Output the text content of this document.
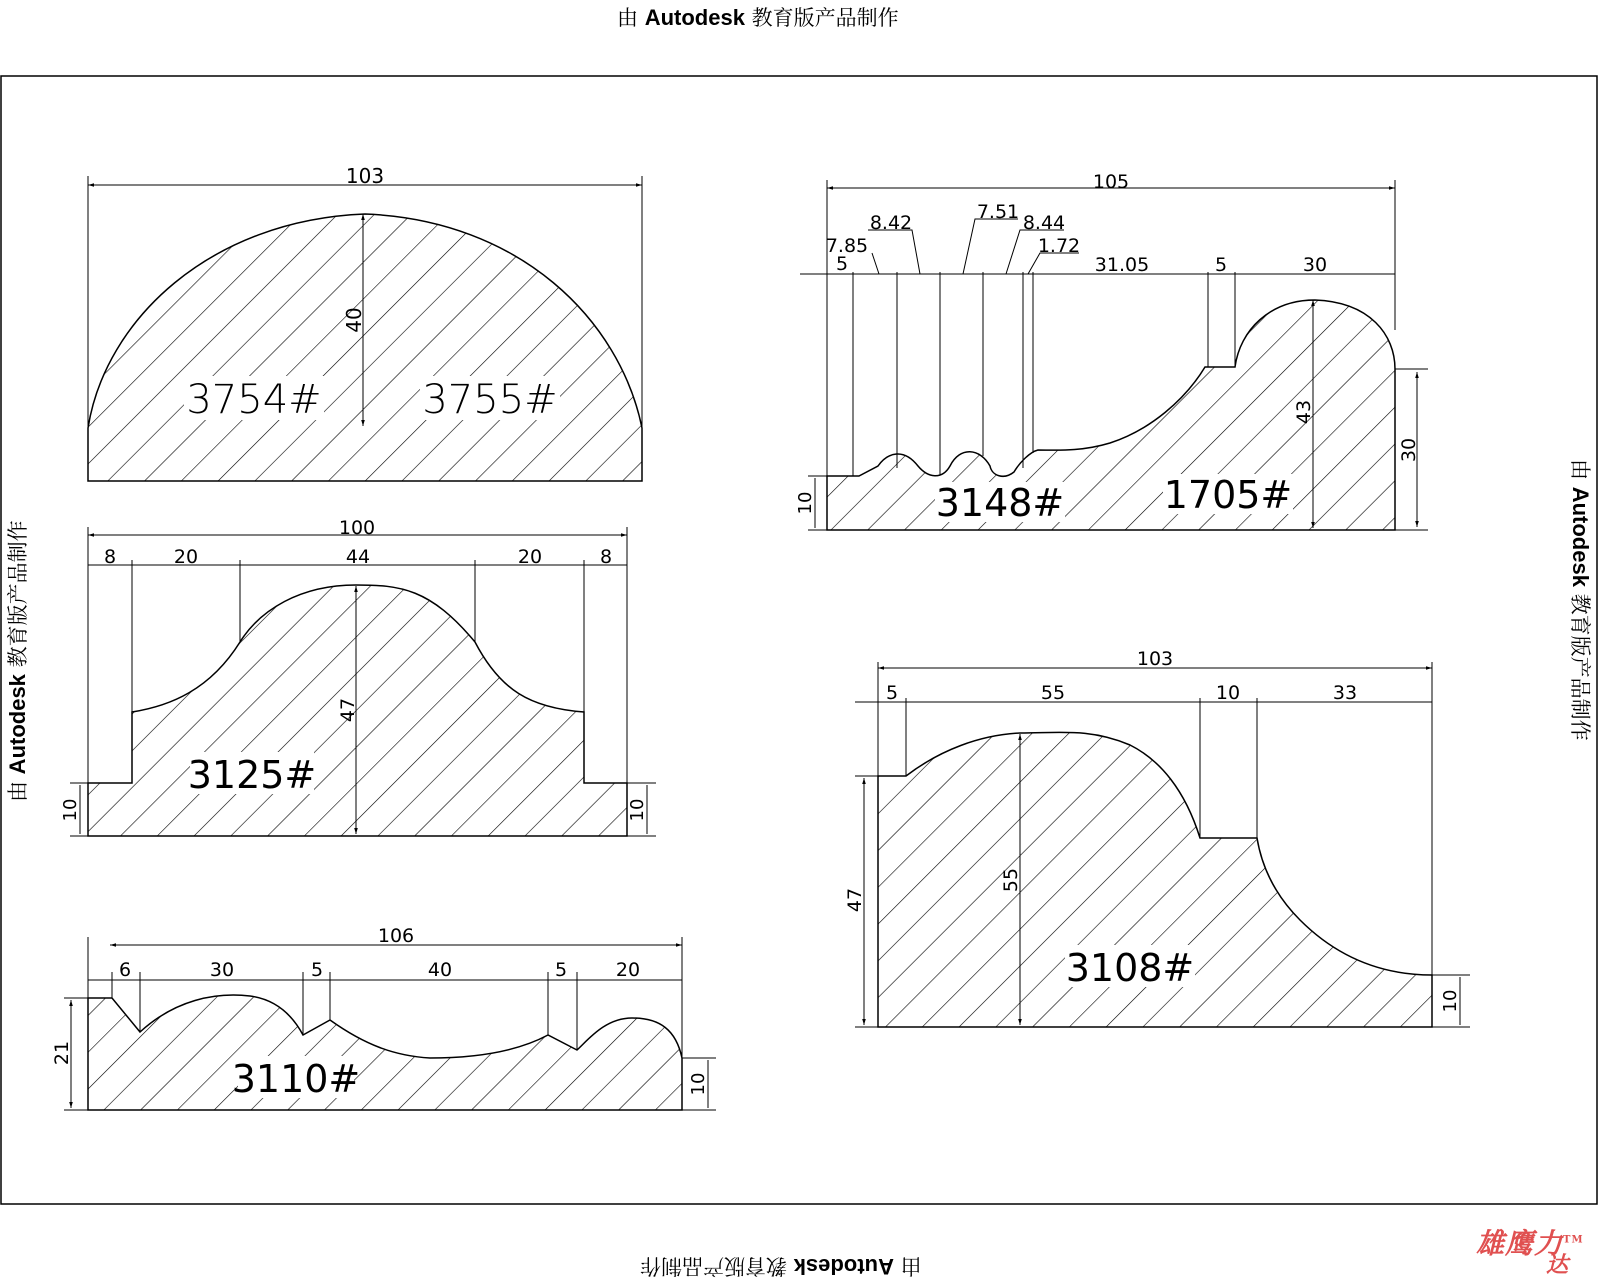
103
40
3754#	3755#
105
5
7.85
8.42	7.51 8.44
1.72
31.05	5	30
43
30
10	3148#	1705#
100
8	20	44	20	8
47
10	10
3125#
103
5	55	10	33
55
47
10
3108#
106
6	30	5	40	5	20
21
10
3110#
由 Autodesk 教育版产品制作
由 Autodesk 教育版产品制作
由 Autodesk 教育版产品制作
由 Autodesk 教育版产品制作
雄鹰力™
达
